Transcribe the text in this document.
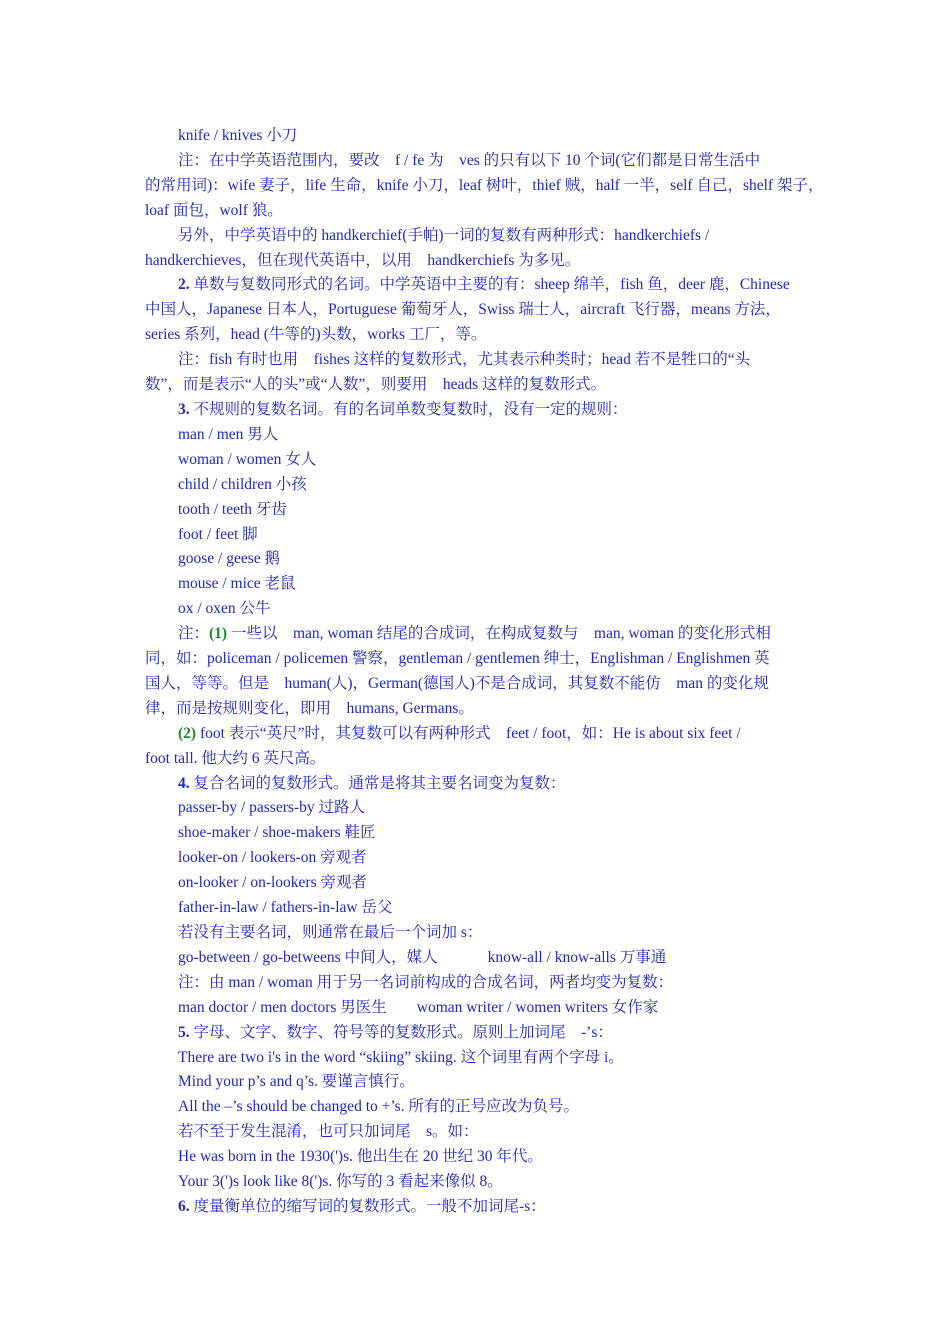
knife / knives 小刀

注：在中学英语范围内，要改　f / fe 为　ves 的只有以下 10 个词(它们都是日常生活中

的常用词)：wife 妻子，life 生命，knife 小刀，leaf 树叶，thief 贼，half 一半，self 自己，shelf 架子，

loaf 面包，wolf 狼。

另外，中学英语中的 handkerchief(手帕)一词的复数有两种形式：handkerchiefs /

handkerchieves，但在现代英语中，以用　handkerchiefs 为多见。

2. 单数与复数同形式的名词。中学英语中主要的有：sheep 绵羊，fish 鱼，deer 鹿，Chinese

中国人，Japanese 日本人，Portuguese 葡萄牙人，Swiss 瑞士人，aircraft 飞行器，means 方法，

series 系列，head (牛等的)头数，works 工厂，等。

注：fish 有时也用　fishes 这样的复数形式，尤其表示种类时；head 若不是牲口的“头

数”，而是表示“人的头”或“人数”，则要用　heads 这样的复数形式。

3. 不规则的复数名词。有的名词单数变复数时，没有一定的规则：

man / men 男人

woman / women 女人

child / children 小孩

tooth / teeth 牙齿

foot / feet 脚

goose / geese 鹅

mouse / mice 老鼠

ox / oxen 公牛

注：(1) 一些以　man, woman 结尾的合成词，在构成复数与　man, woman 的变化形式相

同，如：policeman / policemen 警察，gentleman / gentlemen 绅士，Englishman / Englishmen 英

国人，等等。但是　human(人)，German(德国人)不是合成词，其复数不能仿　man 的变化规

律，而是按规则变化，即用　humans, Germans。

(2) foot 表示“英尺”时，其复数可以有两种形式　feet / foot，如：He is about six feet /

foot tall. 他大约 6 英尺高。

4. 复合名词的复数形式。通常是将其主要名词变为复数：

passer-by / passers-by 过路人

shoe-maker / shoe-makers 鞋匠

looker-on / lookers-on 旁观者

on-looker / on-lookers 旁观者

father-in-law / fathers-in-law 岳父

若没有主要名词，则通常在最后一个词加 s：

go-between / go-betweens 中间人，媒人	know-all / know-alls 万事通

注：由 man / woman 用于另一名词前构成的合成名词，两者均变为复数：

man doctor / men doctors 男医生 woman writer / women writers 女作家

5. 字母、文字、数字、符号等的复数形式。原则上加词尾　-’s：

There are two i's in the word “skiing” skiing. 这个词里有两个字母 i。

Mind your p’s and q’s. 要谨言慎行。

All the –’s should be changed to +’s. 所有的正号应改为负号。

若不至于发生混淆，也可只加词尾　s。如：

He was born in the 1930(')s. 他出生在 20 世纪 30 年代。

Your 3(')s look like 8(')s. 你写的 3 看起来像似 8。

6. 度量衡单位的缩写词的复数形式。一般不加词尾-s：
